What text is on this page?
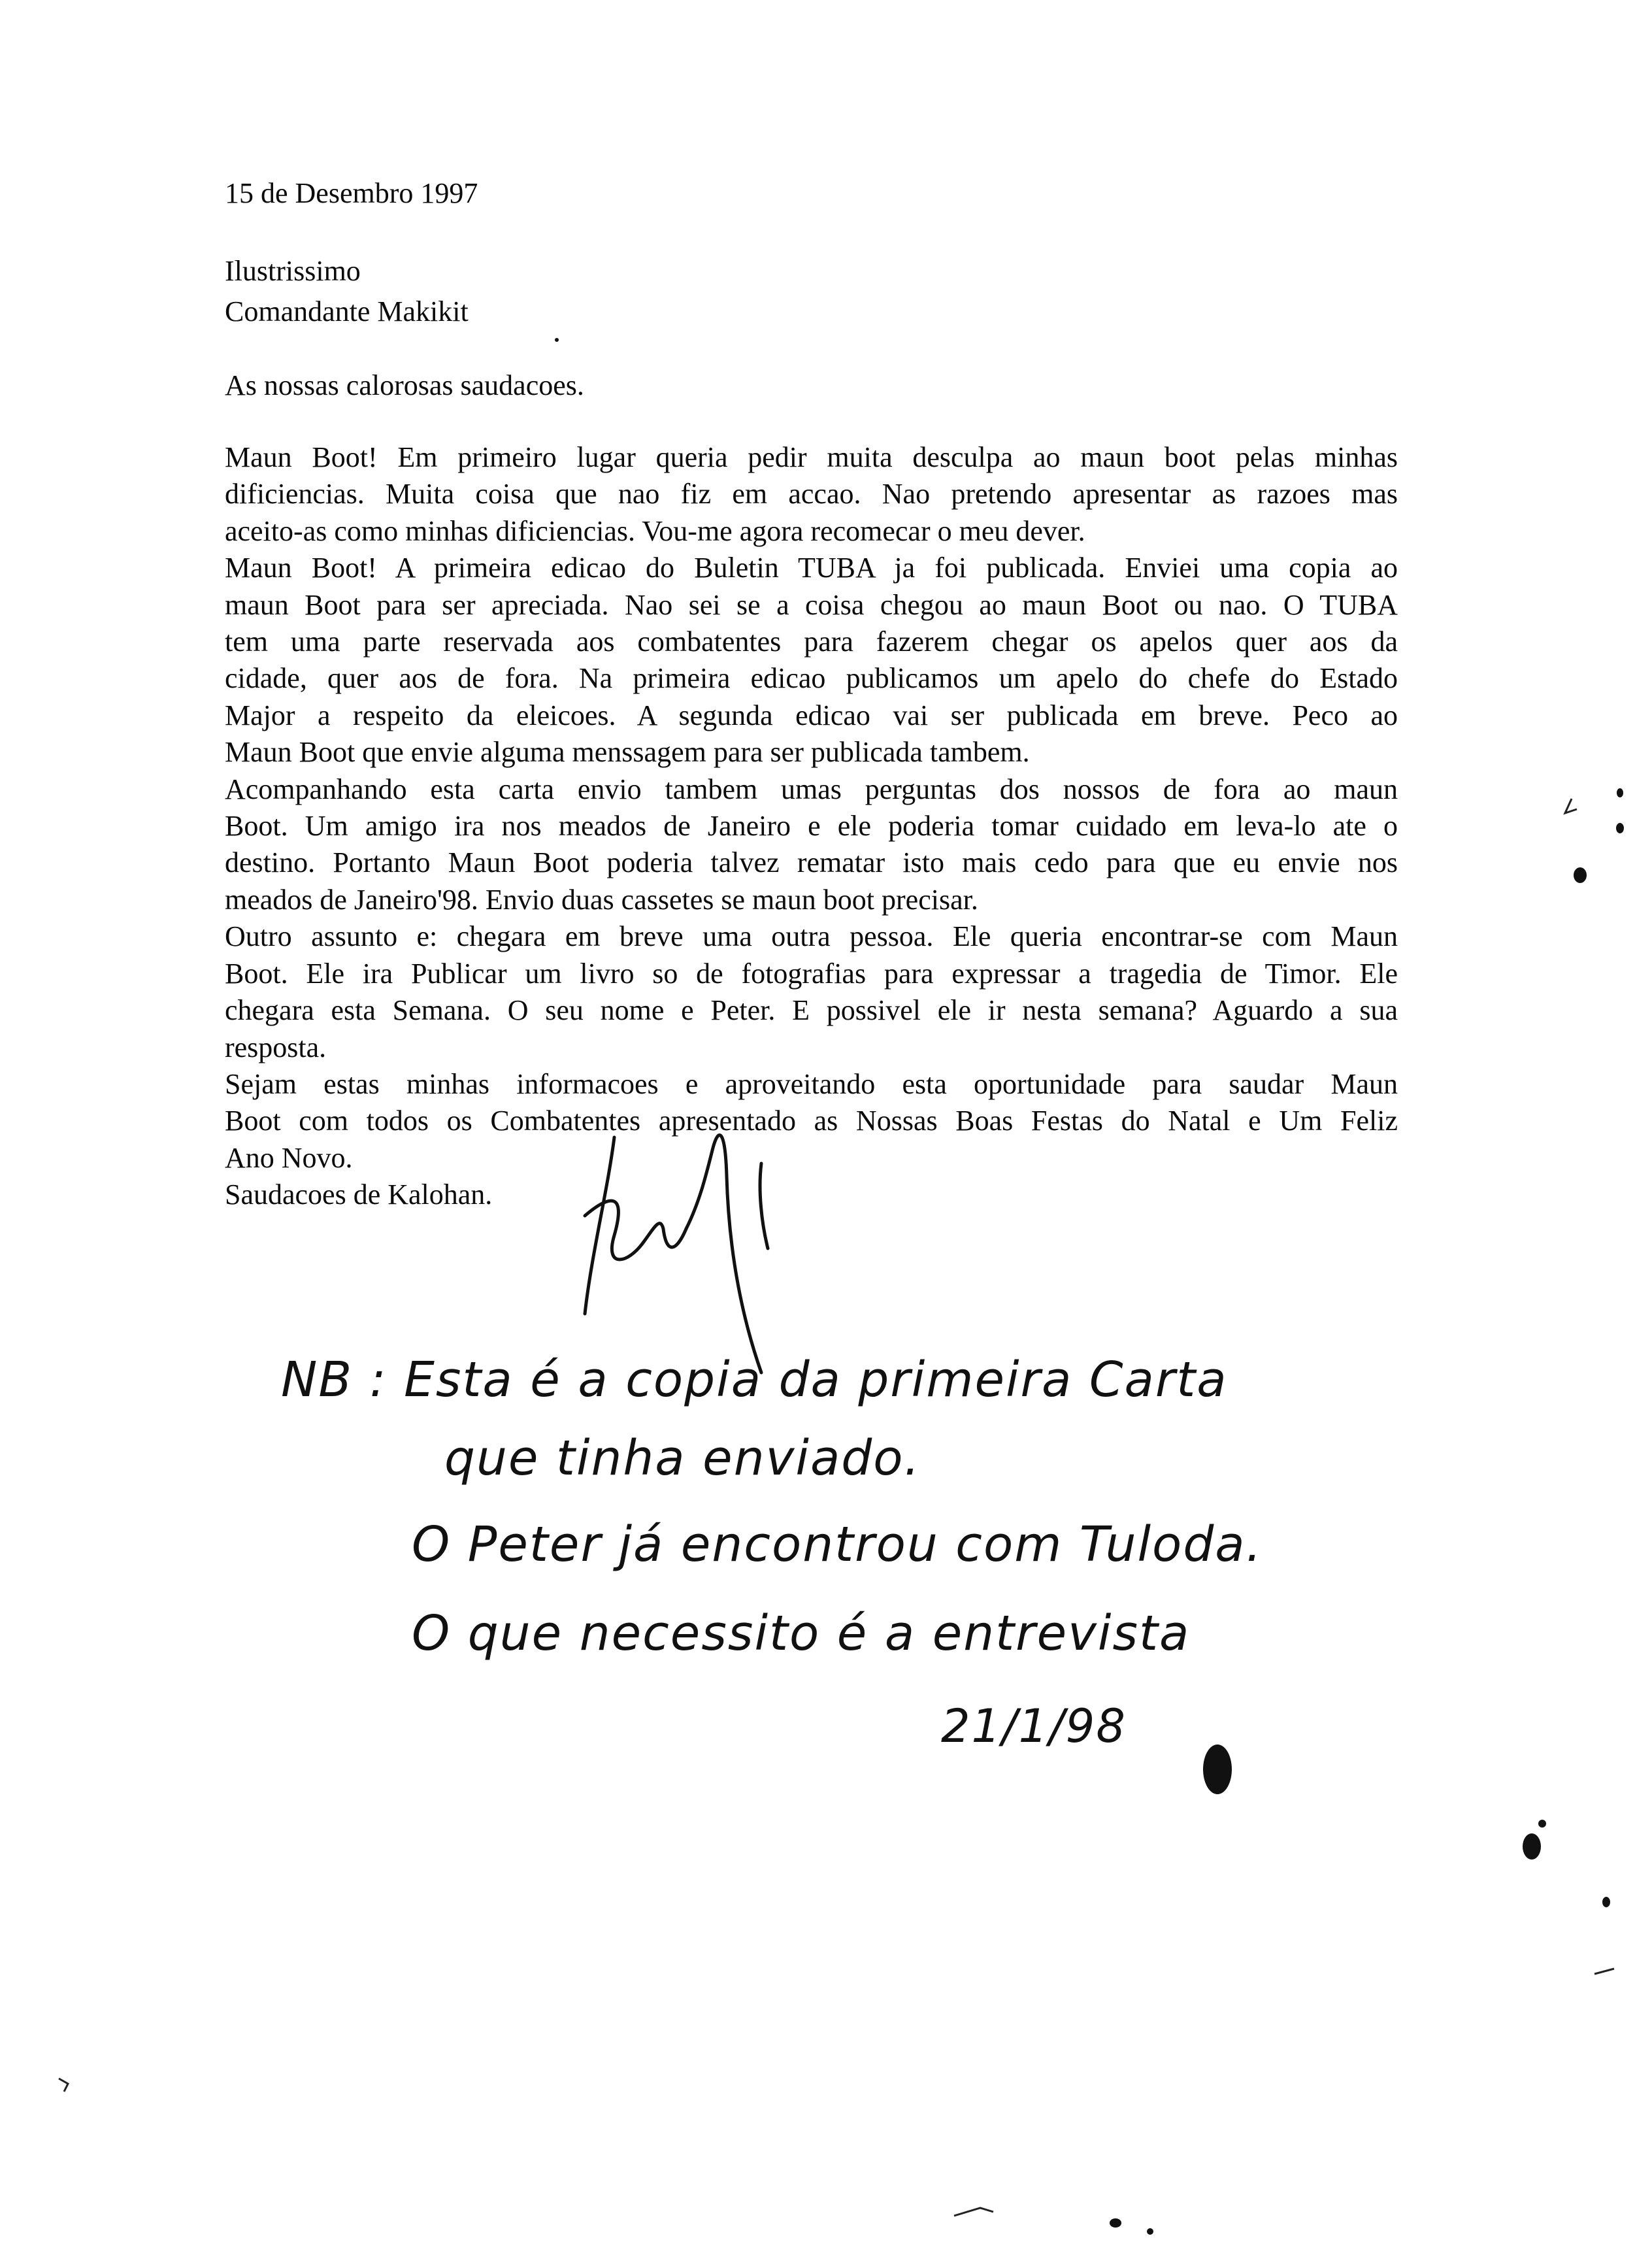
15 de Desembro 1997
Ilustrissimo
Comandante Makikit
As nossas calorosas saudacoes.
Maun Boot! Em primeiro lugar queria pedir muita desculpa ao maun boot pelas minhas
dificiencias. Muita coisa que nao fiz em accao. Nao pretendo apresentar as razoes mas
aceito-as como minhas dificiencias. Vou-me agora recomecar o meu dever.
Maun Boot! A primeira edicao do Buletin TUBA ja foi publicada. Enviei uma copia ao
maun Boot para ser apreciada. Nao sei se a coisa chegou ao maun Boot ou nao. O TUBA
tem uma parte reservada aos combatentes para fazerem chegar os apelos quer aos da
cidade, quer aos de fora. Na primeira edicao publicamos um apelo do chefe do Estado
Major a respeito da eleicoes. A segunda edicao vai ser publicada em breve. Peco ao
Maun Boot que envie alguma menssagem para ser publicada tambem.
Acompanhando esta carta envio tambem umas perguntas dos nossos de fora ao maun
Boot. Um amigo ira nos meados de Janeiro e ele poderia tomar cuidado em leva-lo ate o
destino. Portanto Maun Boot poderia talvez rematar isto mais cedo para que eu envie nos
meados de Janeiro'98. Envio duas cassetes se maun boot precisar.
Outro assunto e: chegara em breve uma outra pessoa. Ele queria encontrar-se com Maun
Boot. Ele ira Publicar um livro so de fotografias para expressar a tragedia de Timor. Ele
chegara esta Semana. O seu nome e Peter. E possivel ele ir nesta semana? Aguardo a sua
resposta.
Sejam estas minhas informacoes e aproveitando esta oportunidade para saudar Maun
Boot com todos os Combatentes apresentado as Nossas Boas Festas do Natal e Um Feliz
Ano Novo.
Saudacoes de Kalohan.
NB : Esta é a copia da primeira Carta
que tinha enviado.
O Peter já encontrou com Tuloda.
O que necessito é a entrevista
21/1/98
